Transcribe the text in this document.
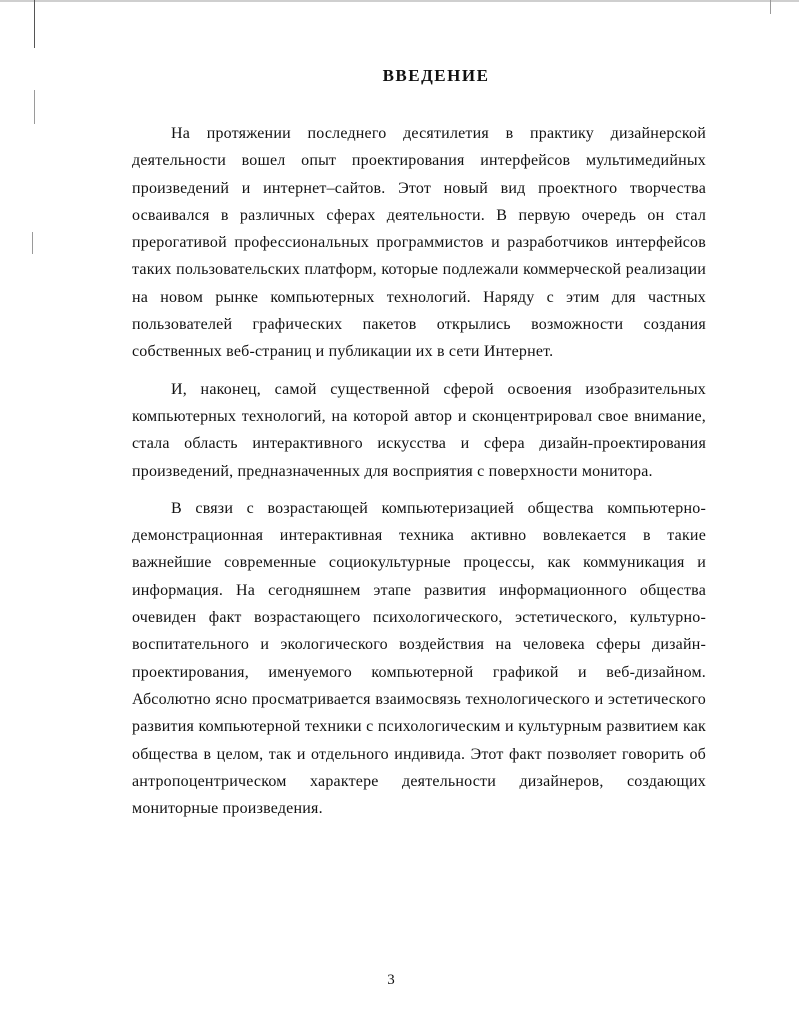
ВВЕДЕНИЕ

На протяжении последнего десятилетия в практику дизайнерской деятельности вошел опыт проектирования интерфейсов мультимедийных произведений и интернет–сайтов. Этот новый вид проектного творчества осваивался в различных сферах деятельности. В первую очередь он стал прерогативой профессиональных программистов и разработчиков интерфейсов таких пользовательских платформ, которые подлежали коммерческой реализации на новом рынке компьютерных технологий. Наряду с этим для частных пользователей графических пакетов открылись возможности создания собственных веб-страниц и публикации их в сети Интернет.

И, наконец, самой существенной сферой освоения изобразительных компьютерных технологий, на которой автор и сконцентрировал свое внимание, стала область интерактивного искусства и сфера дизайн-проектирования произведений, предназначенных для восприятия с поверхности монитора.

В связи с возрастающей компьютеризацией общества компьютерно-демонстрационная интерактивная техника активно вовлекается в такие важнейшие современные социокультурные процессы, как коммуникация и информация. На сегодняшнем этапе развития информационного общества очевиден факт возрастающего психологического, эстетического, культурно-воспитательного и экологического воздействия на человека сферы дизайн-проектирования, именуемого компьютерной графикой и веб-дизайном. Абсолютно ясно просматривается взаимосвязь технологического и эстетического развития компьютерной техники с психологическим и культурным развитием как общества в целом, так и отдельного индивида. Этот факт позволяет говорить об антропоцентрическом характере деятельности дизайнеров, создающих мониторные произведения.

3
